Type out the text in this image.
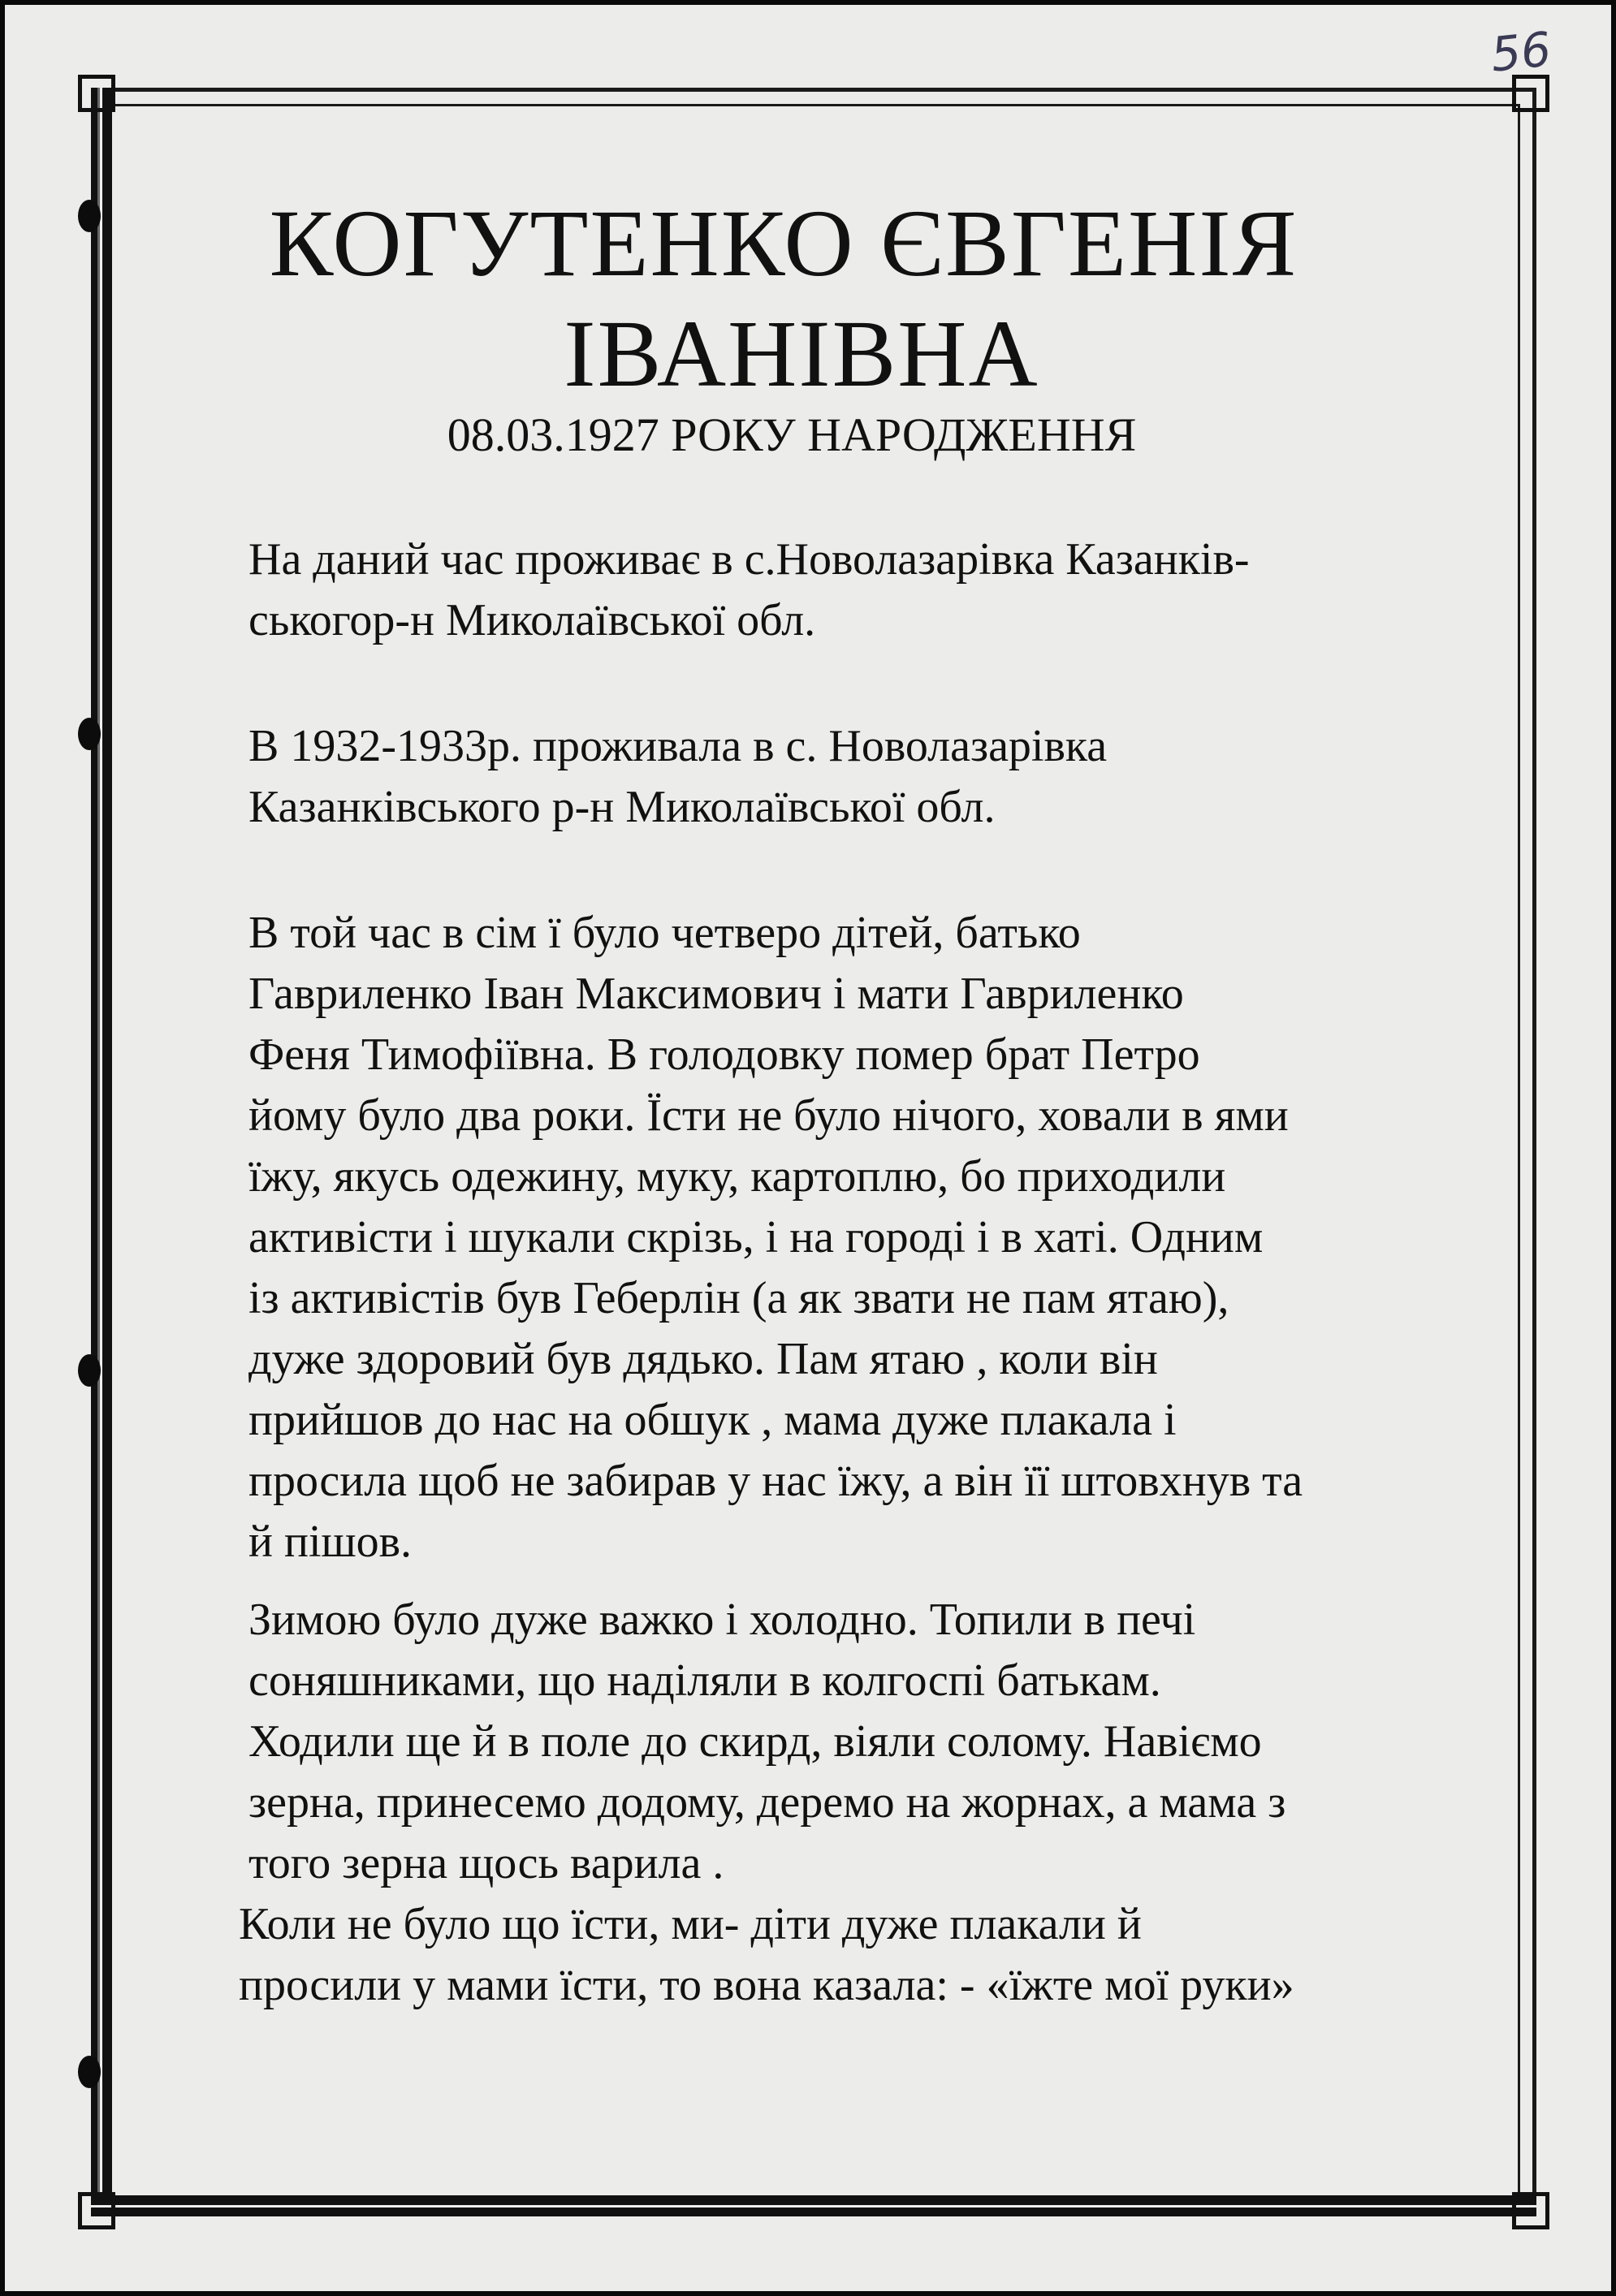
56
КОГУТЕНКО ЄВГЕНІЯ
ІВАНІВНА
08.03.1927 РОКУ НАРОДЖЕННЯ
На даний час проживає в с.Новолазарівка Казанків-
ськогор-н Миколаївської обл.
В 1932-1933р. проживала в с. Новолазарівка
Казанківського р-н Миколаївської обл.
В той час в сім ї було четверо дітей, батько
Гавриленко Іван Максимович і мати Гавриленко
Феня Тимофіївна. В голодовку помер брат Петро
йому було два роки. Їсти не було нічого, ховали в ями
їжу, якусь одежину, муку, картоплю, бо приходили
активісти і шукали скрізь, і на городі і в хаті. Одним
із активістів був Геберлін (а як звати не пам ятаю),
дуже здоровий був дядько. Пам ятаю , коли він
прийшов до нас на обшук , мама дуже плакала і
просила щоб не забирав у нас їжу, а він її штовхнув та
й пішов.
Зимою було дуже важко і холодно. Топили в печі
соняшниками, що наділяли в колгоспі батькам.
Ходили ще й в поле до скирд, віяли солому. Навіємо
зерна, принесемо додому, деремо на жорнах, а мама з
того зерна щось варила .
Коли не було що їсти, ми- діти дуже плакали й
просили у мами їсти, то вона казала: - «їжте мої руки»
